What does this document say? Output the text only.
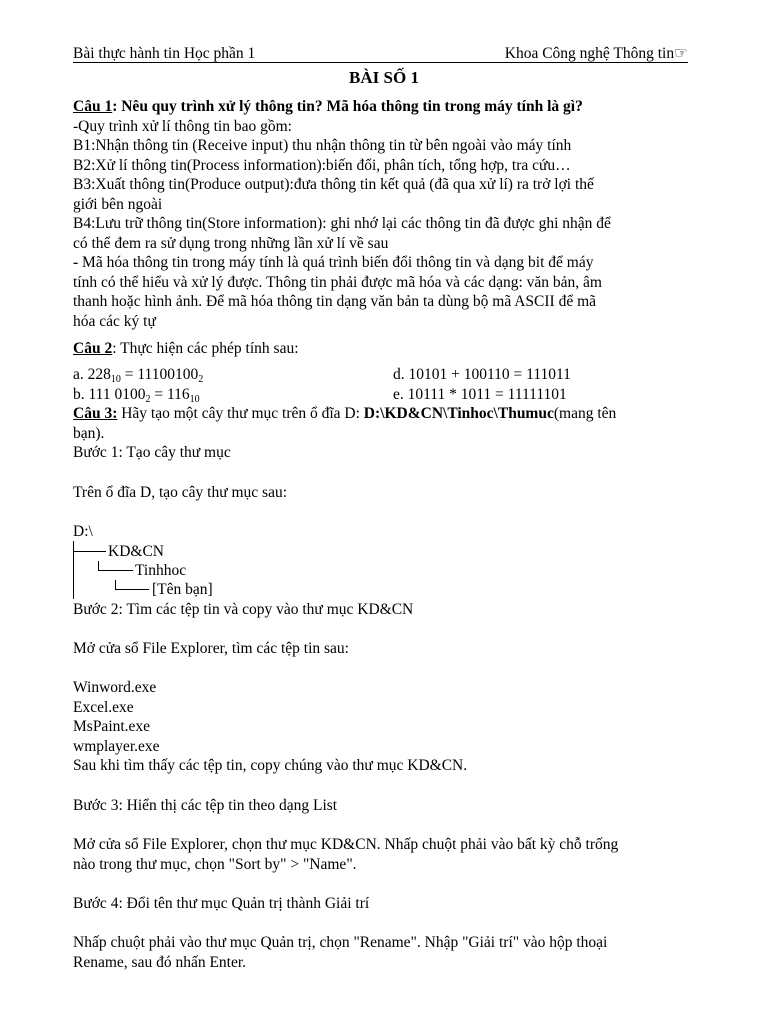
Bài thực hành tin Học phần 1	Khoa Công nghệ Thông tin☞
BÀI SỐ 1
Câu 1: Nêu quy trình xử lý thông tin? Mã hóa thông tin trong máy tính là gì?
-Quy trình xử lí thông tin bao gồm:
B1:Nhận thông tin (Receive input) thu nhận thông tin từ bên ngoài vào máy tính
B2:Xử lí thông tin(Process information):biến đổi, phân tích, tổng hợp, tra cứu…
B3:Xuất thông tin(Produce output):đưa thông tin kết quả (đã qua xử lí) ra trở lợi thế
giới bên ngoài
B4:Lưu trữ thông tin(Store information): ghi nhớ lại các thông tin đã được ghi nhận để
có thể đem ra sử dụng trong những lần xử lí về sau
- Mã hóa thông tin trong máy tính là quá trình biến đổi thông tin và dạng bit để máy
tính có thể hiểu và xử lý được. Thông tin phải được mã hóa và các dạng: văn bản, âm
thanh hoặc hình ảnh. Để mã hóa thông tin dạng văn bản ta dùng bộ mã ASCII để mã
hóa các ký tự
Câu 2: Thực hiện các phép tính sau:
a. $228_{10} = 11100100_2$	d. 10101 + 100110 = 111011
b. 111 $0100_2 = 116_{10}$	e. 10111 * 1011 = 11111101
Câu 3: Hãy tạo một cây thư mục trên ổ đĩa D: D:\KD&CN\Tinhoc\Thumuc(mang tên
bạn).
Bước 1: Tạo cây thư mục
Trên ổ đĩa D, tạo cây thư mục sau:
D:\
KD&CN
Tinhhoc
[Tên bạn]
Bước 2: Tìm các tệp tin và copy vào thư mục KD&CN
Mở cửa sổ File Explorer, tìm các tệp tin sau:
Winword.exe
Excel.exe
MsPaint.exe
wmplayer.exe
Sau khi tìm thấy các tệp tin, copy chúng vào thư mục KD&CN.
Bước 3: Hiển thị các tệp tin theo dạng List
Mở cửa sổ File Explorer, chọn thư mục KD&CN. Nhấp chuột phải vào bất kỳ chỗ trống
nào trong thư mục, chọn "Sort by" > "Name".
Bước 4: Đổi tên thư mục Quản trị thành Giải trí
Nhấp chuột phải vào thư mục Quản trị, chọn "Rename". Nhập "Giải trí" vào hộp thoại
Rename, sau đó nhấn Enter.
